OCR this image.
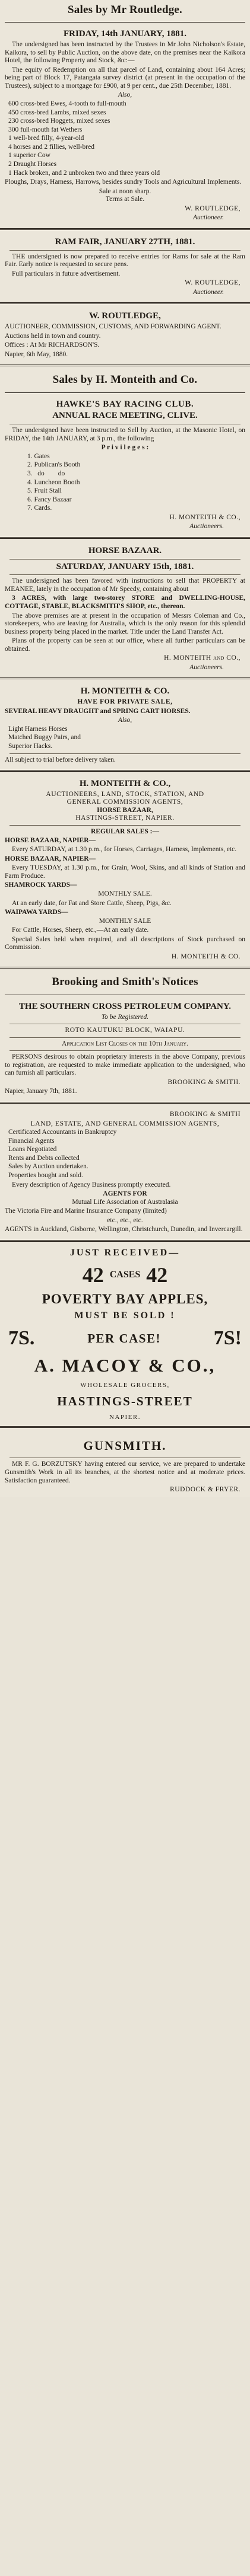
Sales by Mr Routledge.
FRIDAY, 14th JANUARY, 1881.

The undersigned has been instructed by the Trustees in Mr John Nicholson's Estate, Kaikora, to sell by Public Auction, on the above date, on the premises near the Kaikora Hotel, the following Property and Stock, &c:—

The equity of Redemption on all that parcel of Land, containing about 164 Acres; being part of Block 17, Patangata survey district (at present in the occupation of the Trustees), subject to a mortgage for £900, at 9 per cent., due 25th December, 1881.

Also,
600 cross-bred Ewes, 4-tooth to full-mouth
450 cross-bred Lambs, mixed sexes
230 cross-bred Hoggets, mixed sexes
300 full-mouth fat Wethers
1 well-bred filly, 4-year-old
4 horses and 2 fillies, well-bred
1 superior Cow
2 Draught Horses
1 Hack broken, and 2 unbroken two and three years old

Ploughs, Drays, Harness, Harrows, besides sundry Tools and Agricultural Implements.

Sale at noon sharp.
Terms at Sale.
W. ROUTLEDGE,
Auctioneer.
RAM FAIR, JANUARY 27TH, 1881.

THE undersigned is now prepared to receive entries for Rams for sale at the Ram Fair. Early notice is requested to secure pens.

Full particulars in future advertisement.

W. ROUTLEDGE,
Auctioneer.
W. ROUTLEDGE,

AUCTIONEER, COMMISSION, CUSTOMS, AND FORWARDING AGENT.

Auctions held in town and country.

Offices : At Mr RICHARDSON'S.

Napier, 6th May, 1880.

Sales by H. Monteith and Co.
HAWKE'S BAY RACING CLUB.
ANNUAL RACE MEETING, CLIVE.

The undersigned have been instructed to Sell by Auction, at the Masonic Hotel, on FRIDAY, the 14th JANUARY, at 3 p.m., the following

P r i v i l e g e s :
1. Gates
2. Publican's Booth
3.   do        do
4. Luncheon Booth
5. Fruit Stall
6. Fancy Bazaar
7. Cards.
H. MONTEITH & CO.,
Auctioneers.
HORSE BAZAAR.
SATURDAY, JANUARY 15th, 1881.

The undersigned has been favored with instructions to sell that PROPERTY at MEANEE, lately in the occupation of Mr Speedy, containing about

3 ACRES, with large two-storey STORE and DWELLING-HOUSE, COTTAGE, STABLE, BLACKSMITH'S SHOP, etc., thereon.

The above premises are at present in the occupation of Messrs Coleman and Co., storekeepers, who are leaving for Australia, which is the only reason for this splendid business property being placed in the market. Title under the Land Transfer Act.

Plans of the property can be seen at our office, where all further particulars can be obtained.

H. MONTEITH and CO.,
Auctioneers.
H. MONTEITH & CO.
HAVE FOR PRIVATE SALE,

SEVERAL HEAVY DRAUGHT and SPRING CART HORSES.

Also,
Light Harness Horses
Matched Buggy Pairs, and
Superior Hacks.

All subject to trial before delivery taken.

H. MONTEITH & CO.,
AUCTIONEERS, LAND, STOCK, STATION, AND
GENERAL COMMISSION AGENTS,
HORSE BAZAAR,
HASTINGS-STREET, NAPIER.
REGULAR SALES :—
HORSE BAZAAR, NAPIER—

Every SATURDAY, at 1.30 p.m., for Horses, Carriages, Harness, Implements, etc.

HORSE BAZAAR, NAPIER—

Every TUESDAY, at 1.30 p.m., for Grain, Wool, Skins, and all kinds of Station and Farm Produce.

SHAMROCK YARDS—
MONTHLY SALE.

At an early date, for Fat and Store Cattle, Sheep, Pigs, &c.

WAIPAWA YARDS—
MONTHLY SALE

For Cattle, Horses, Sheep, etc.,—At an early date.

Special Sales held when required, and all descriptions of Stock purchased on Commission.

H. MONTEITH & CO.
Brooking and Smith's Notices
THE SOUTHERN CROSS PETROLEUM COMPANY.
To be Registered.
ROTO KAUTUKU BLOCK, WAIAPU.
Application List Closes on the 10th January.

PERSONS desirous to obtain proprietary interests in the above Company, previous to registration, are requested to make immediate application to the undersigned, who can furnish all particulars.

BROOKING & SMITH.

Napier, January 7th, 1881.

BROOKING & SMITH
LAND, ESTATE, AND GENERAL COMMISSION AGENTS,
Certificated Accountants in Bankruptcy
Financial Agents
Loans Negotiated
Rents and Debts collected
Sales by Auction undertaken.
Properties bought and sold.

Every description of Agency Business promptly executed.

AGENTS FOR
Mutual Life Association of Australasia

The Victoria Fire and Marine Insurance Company (limited)

etc., etc., etc.

AGENTS in Auckland, Gisborne, Wellington, Christchurch, Dunedin, and Invercargill.

JUST RECEIVED—
42 CASES 42
POVERTY BAY APPLES,
MUST BE SOLD !
7S.	PER CASE!	7S!
A. MACOY & CO.,
WHOLESALE GROCERS,
HASTINGS-STREET
NAPIER.
GUNSMITH.

MR F. G. BORZUTSKY having entered our service, we are prepared to undertake Gunsmith's Work in all its branches, at the shortest notice and at moderate prices. Satisfaction guaranteed.

RUDDOCK & FRYER.
